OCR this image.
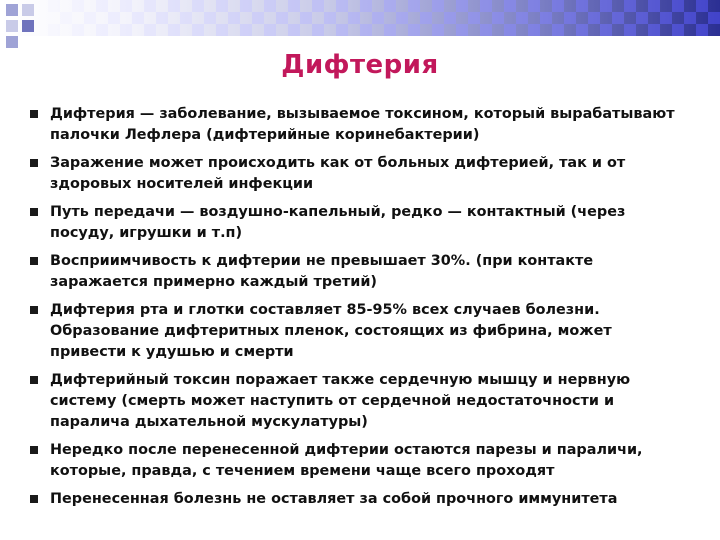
Дифтерия
Дифтерия — заболевание, вызываемое токсином, который вырабатывают палочки Лефлера (дифтерийные коринебактерии)
Заражение может происходить как от больных дифтерией, так и от здоровых носителей инфекции
Путь передачи — воздушно-капельный, редко — контактный (через посуду, игрушки и т.п)
Восприимчивость к дифтерии не превышает 30%. (при контакте заражается примерно каждый третий)
Дифтерия рта и глотки составляет 85-95% всех случаев болезни. Образование дифтеритных пленок, состоящих из фибрина, может привести к удушью и смерти
Дифтерийный токсин поражает также сердечную мышцу и нервную систему (смерть может наступить от сердечной недостаточности и паралича дыхательной мускулатуры)
Нередко после перенесенной дифтерии остаются парезы и параличи, которые, правда, с течением времени чаще всего проходят
Перенесенная болезнь не оставляет за собой прочного иммунитета
